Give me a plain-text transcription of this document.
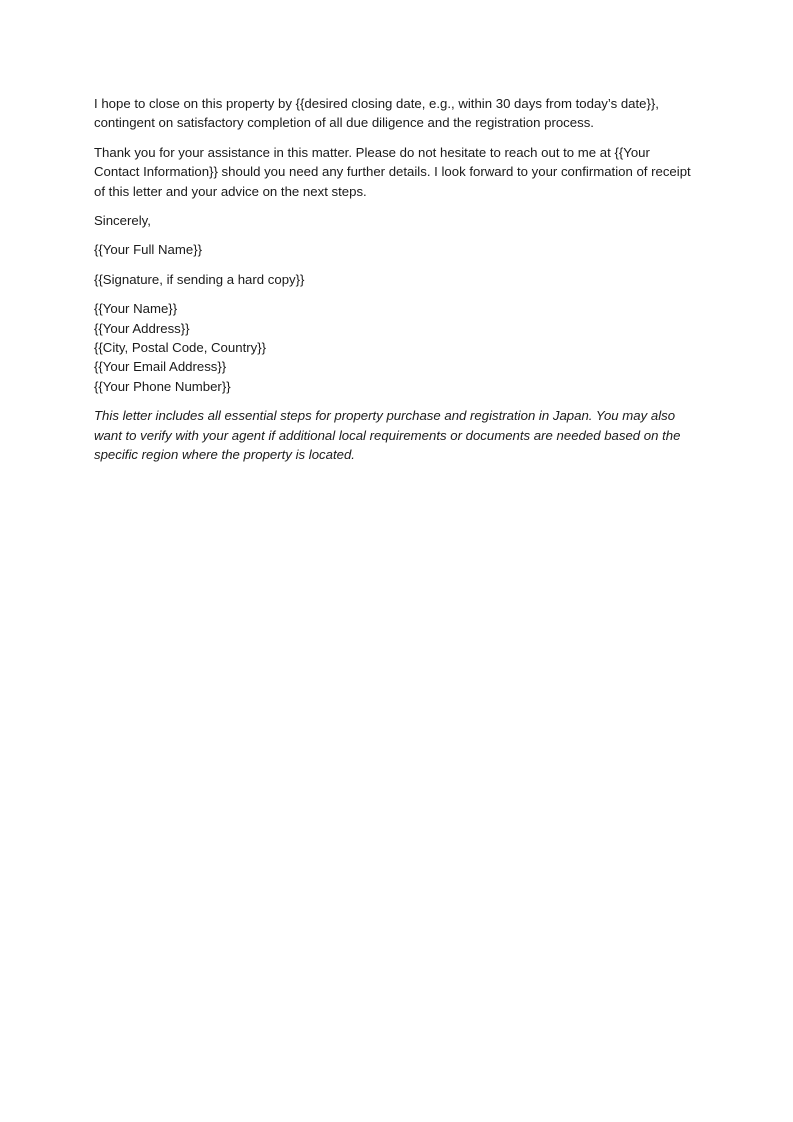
I hope to close on this property by {{desired closing date, e.g., within 30 days from today’s date}}, contingent on satisfactory completion of all due diligence and the registration process.

Thank you for your assistance in this matter. Please do not hesitate to reach out to me at {{Your Contact Information}} should you need any further details. I look forward to your confirmation of receipt of this letter and your advice on the next steps.

Sincerely,

{{Your Full Name}}

{{Signature, if sending a hard copy}}

{{Your Name}}
{{Your Address}}
{{City, Postal Code, Country}}
{{Your Email Address}}
{{Your Phone Number}}

This letter includes all essential steps for property purchase and registration in Japan. You may also want to verify with your agent if additional local requirements or documents are needed based on the specific region where the property is located.
